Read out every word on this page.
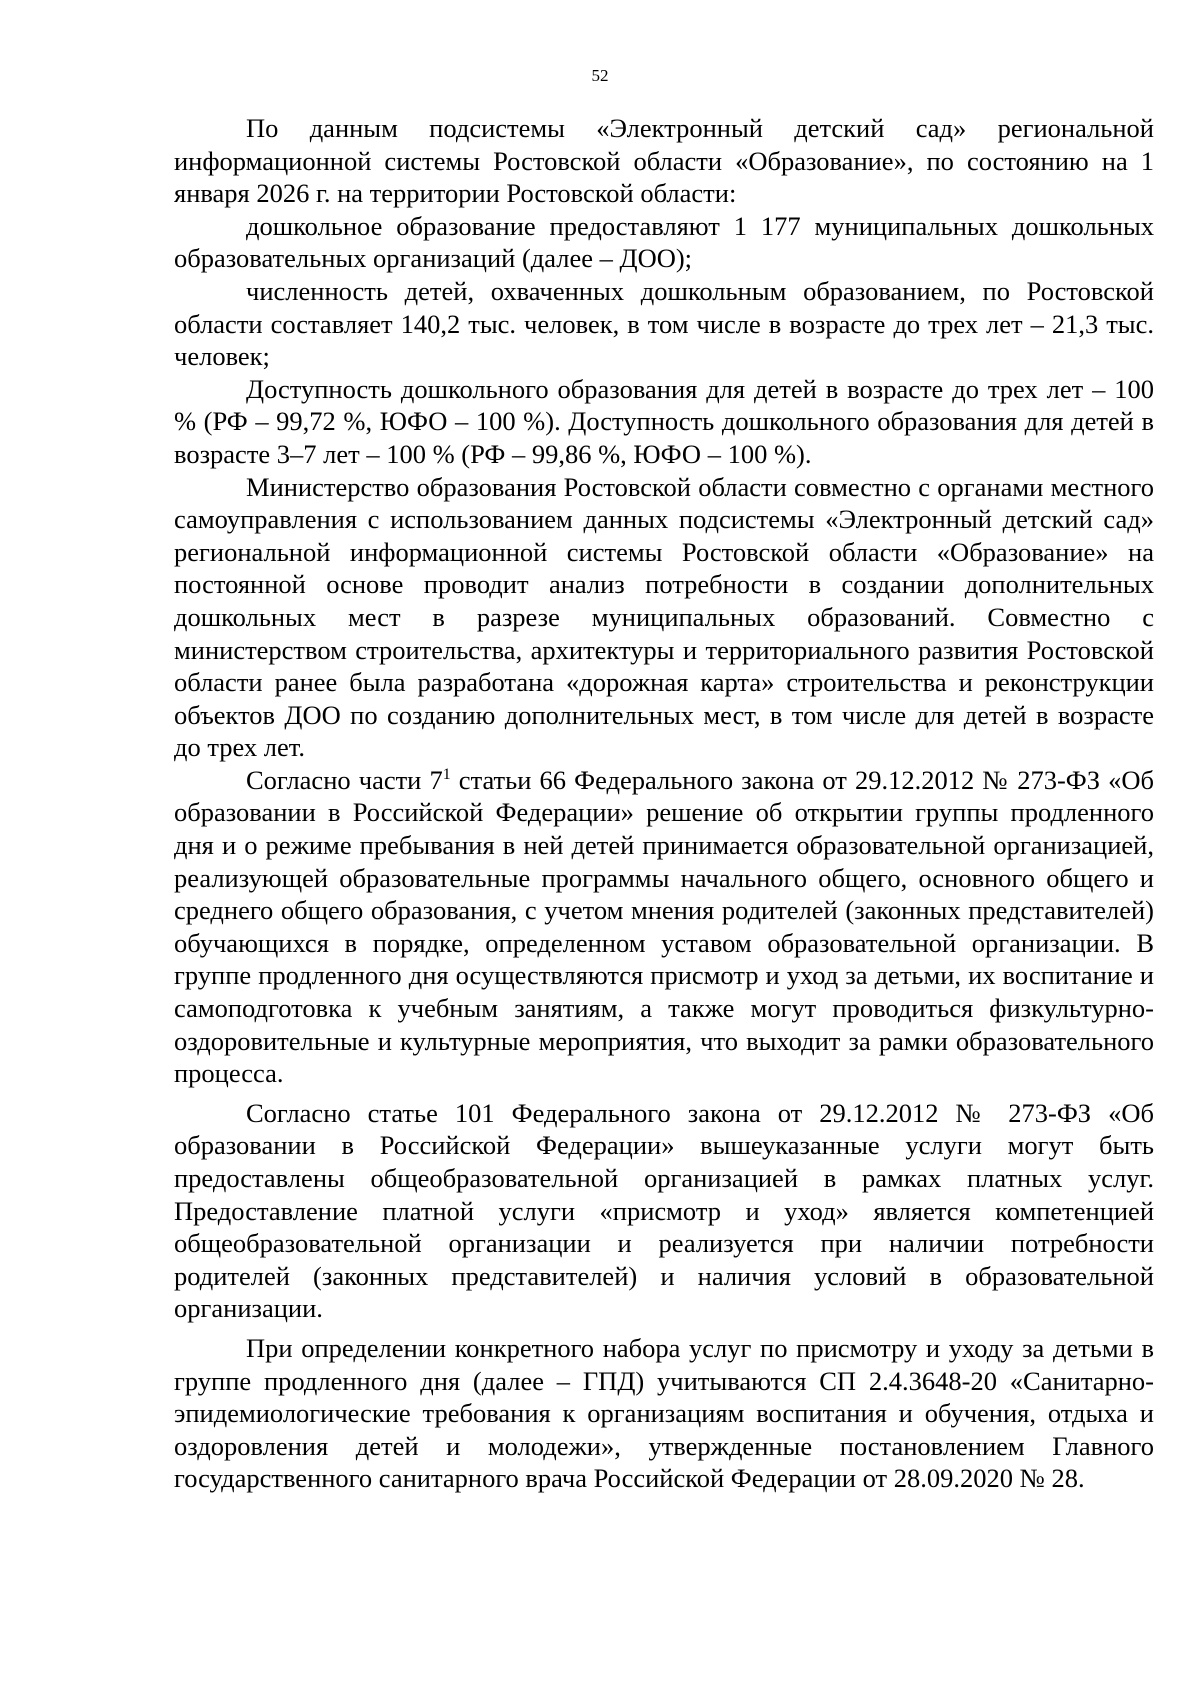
52

По данным подсистемы «Электронный детский сад» региональной информационной системы Ростовской области «Образование», по состоянию на 1 января 2026 г. на территории Ростовской области:

дошкольное образование предоставляют 1 177 муниципальных дошкольных образовательных организаций (далее – ДОО);

численность детей, охваченных дошкольным образованием, по Ростовской области составляет 140,2 тыс. человек, в том числе в возрасте до трех лет – 21,3 тыс. человек;

Доступность дошкольного образования для детей в возрасте до трех лет – 100 % (РФ – 99,72 %, ЮФО – 100 %). Доступность дошкольного образования для детей в возрасте 3–7 лет – 100 % (РФ – 99,86 %, ЮФО – 100 %).

Министерство образования Ростовской области совместно с органами местного самоуправления с использованием данных подсистемы «Электронный детский сад» региональной информационной системы Ростовской области «Образование» на постоянной основе проводит анализ потребности в создании дополнительных дошкольных мест в разрезе муниципальных образований. Совместно с министерством строительства, архитектуры и территориального развития Ростовской области ранее была разработана «дорожная карта» строительства и реконструкции объектов ДОО по созданию дополнительных мест, в том числе для детей в возрасте до трех лет.

Согласно части $7^1$ статьи 66 Федерального закона от 29.12.2012 № 273-ФЗ «Об образовании в Российской Федерации» решение об открытии группы продленного дня и о режиме пребывания в ней детей принимается образовательной организацией, реализующей образовательные программы начального общего, основного общего и среднего общего образования, с учетом мнения родителей (законных представителей) обучающихся в порядке, определенном уставом образовательной организации. В группе продленного дня осуществляются присмотр и уход за детьми, их воспитание и самоподготовка к учебным занятиям, а также могут проводиться физкультурно-оздоровительные и культурные мероприятия, что выходит за рамки образовательного процесса.

Согласно статье 101 Федерального закона от 29.12.2012 № 273-ФЗ «Об образовании в Российской Федерации» вышеуказанные услуги могут быть предоставлены общеобразовательной организацией в рамках платных услуг. Предоставление платной услуги «присмотр и уход» является компетенцией общеобразовательной организации и реализуется при наличии потребности родителей (законных представителей) и наличия условий в образовательной организации.

При определении конкретного набора услуг по присмотру и уходу за детьми в группе продленного дня (далее – ГПД) учитываются СП 2.4.3648-20 «Санитарно-эпидемиологические требования к организациям воспитания и обучения, отдыха и оздоровления детей и молодежи», утвержденные постановлением Главного государственного санитарного врача Российской Федерации от 28.09.2020 № 28.
